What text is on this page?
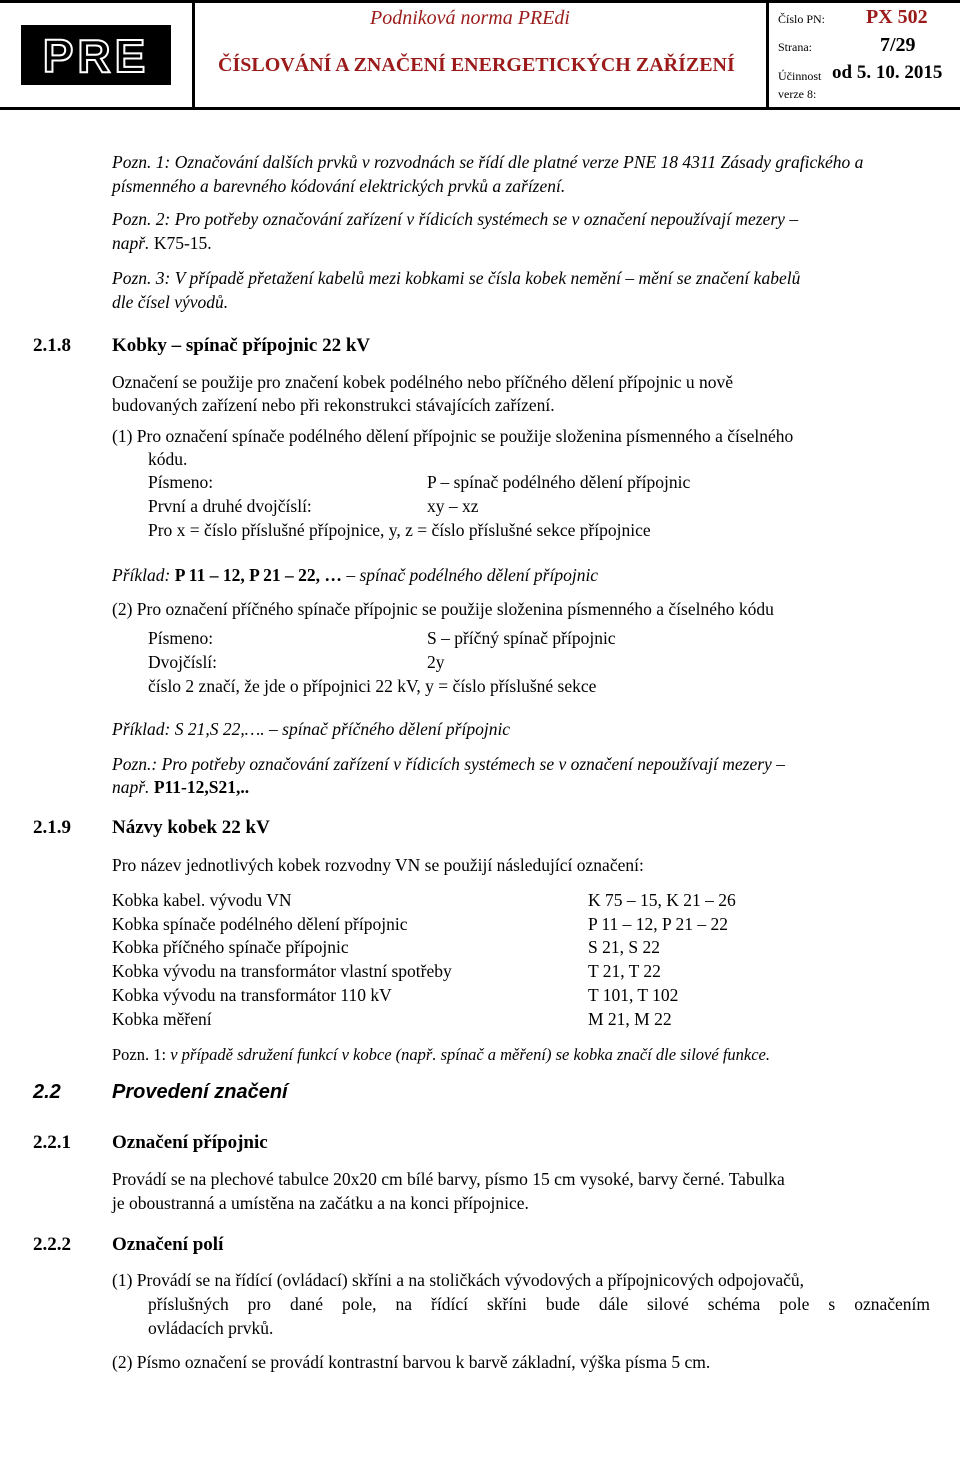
PRE
Podniková norma PREdi
ČÍSLOVÁNÍ A ZNAČENÍ ENERGETICKÝCH ZAŘÍZENÍ
Číslo PN: PX 502
Strana:	7/29
Účinnost od 5. 10. 2015
verze 8:
Pozn. 1: Označování dalších prvků v rozvodnách se řídí dle platné verze PNE 18 4311 Zásady grafického a písmenného a barevného kódování elektrických prvků a zařízení.
Pozn. 2: Pro potřeby označování zařízení v řídicích systémech se v označení nepoužívají mezery –
např. K75-15.
Pozn. 3: V případě přetažení kabelů mezi kobkami se čísla kobek nemění – mění se značení kabelů
dle čísel vývodů.
2.1.8 Kobky – spínač přípojnic 22 kV
Označení se použije pro značení kobek podélného nebo příčného dělení přípojnic u nově
budovaných zařízení nebo při rekonstrukci stávajících zařízení.
(1) Pro označení spínače podélného dělení přípojnic se použije složenina písmenného a číselného
kódu.
Písmeno:	P – spínač podélného dělení přípojnic
První a druhé dvojčíslí:	xy – xz
Pro x = číslo příslušné přípojnice, y, z = číslo příslušné sekce přípojnice
Příklad: P 11 – 12, P 21 – 22, … – spínač podélného dělení přípojnic
(2) Pro označení příčného spínače přípojnic se použije složenina písmenného a číselného kódu
Písmeno:	S – příčný spínač přípojnic
Dvojčíslí:	2y
číslo 2 značí, že jde o přípojnici 22 kV, y = číslo příslušné sekce
Příklad: S 21,S 22,…. – spínač příčného dělení přípojnic
Pozn.: Pro potřeby označování zařízení v řídicích systémech se v označení nepoužívají mezery –
např. P11-12,S21,..
2.1.9 Názvy kobek 22 kV
Pro název jednotlivých kobek rozvodny VN se použijí následující označení:
Kobka kabel. vývodu VN	K 75 – 15, K 21 – 26
Kobka spínače podélného dělení přípojnic	P 11 – 12, P 21 – 22
Kobka příčného spínače přípojnic	S 21, S 22
Kobka vývodu na transformátor vlastní spotřeby	T 21, T 22
Kobka vývodu na transformátor 110 kV	T 101, T 102
Kobka měření	M 21, M 22
Pozn. 1: v případě sdružení funkcí v kobce (např. spínač a měření) se kobka značí dle silové funkce.
2.2	Provedení značení
2.2.1 Označení přípojnic
Provádí se na plechové tabulce 20x20 cm bílé barvy, písmo 15 cm vysoké, barvy černé. Tabulka
je oboustranná a umístěna na začátku a na konci přípojnice.
2.2.2 Označení polí
(1) Provádí se na řídící (ovládací) skříni a na stoličkách vývodových a přípojnicových odpojovačů,
příslušných pro dané pole, na řídící skříni bude dále silové schéma pole s označením
ovládacích prvků.
(2) Písmo označení se provádí kontrastní barvou k barvě základní, výška písma 5 cm.
